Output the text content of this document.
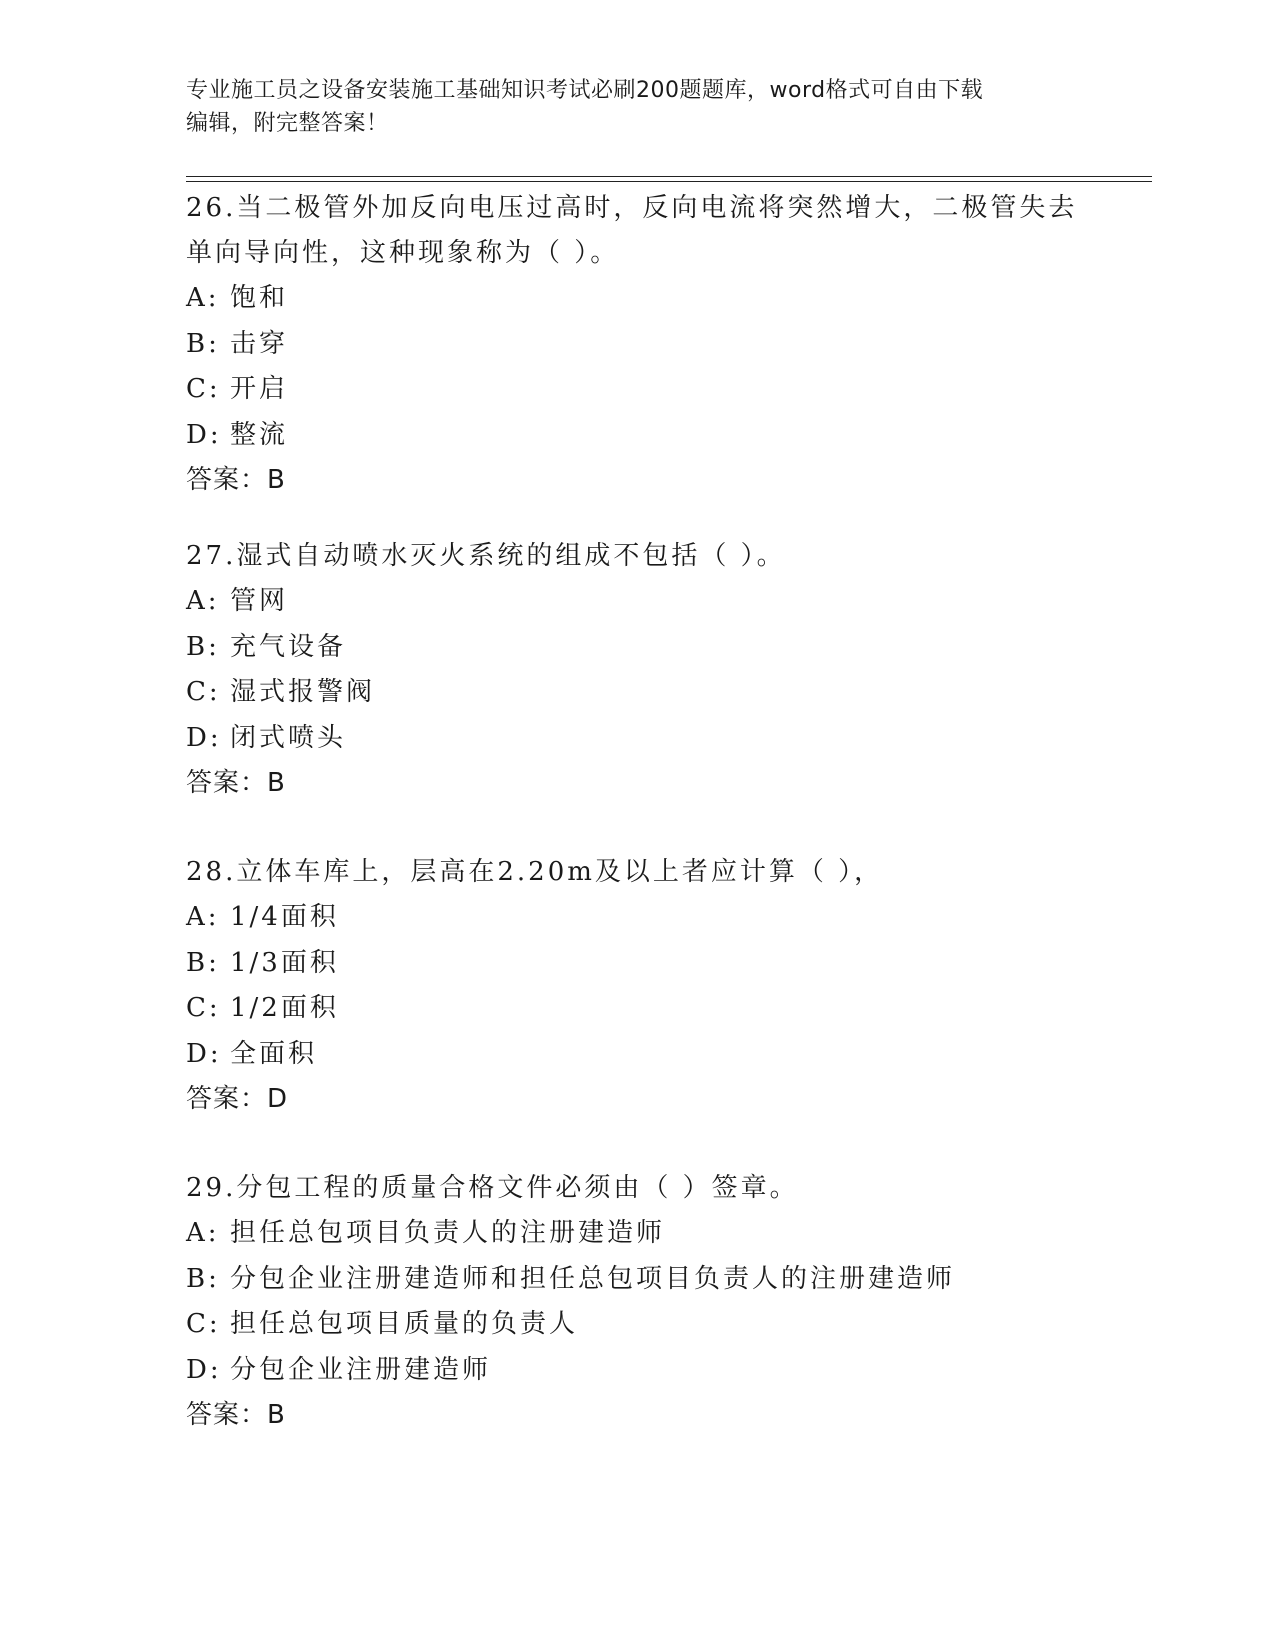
专业施工员之设备安装施工基础知识考试必刷200题题库，word格式可自由下载
编辑，附完整答案！
26.当二极管外加反向电压过高时，反向电流将突然增大，二极管失去
单向导向性，这种现象称为（ ）。
A: 饱和
B: 击穿
C: 开启
D: 整流
答案：B
27.湿式自动喷水灭火系统的组成不包括（ ）。
A: 管网
B: 充气设备
C: 湿式报警阀
D: 闭式喷头
答案：B
28.立体车库上，层高在2.20m及以上者应计算（ ），
A: 1/4面积
B: 1/3面积
C: 1/2面积
D: 全面积
答案：D
29.分包工程的质量合格文件必须由（ ）签章。
A: 担任总包项目负责人的注册建造师
B: 分包企业注册建造师和担任总包项目负责人的注册建造师
C: 担任总包项目质量的负责人
D: 分包企业注册建造师
答案：B
